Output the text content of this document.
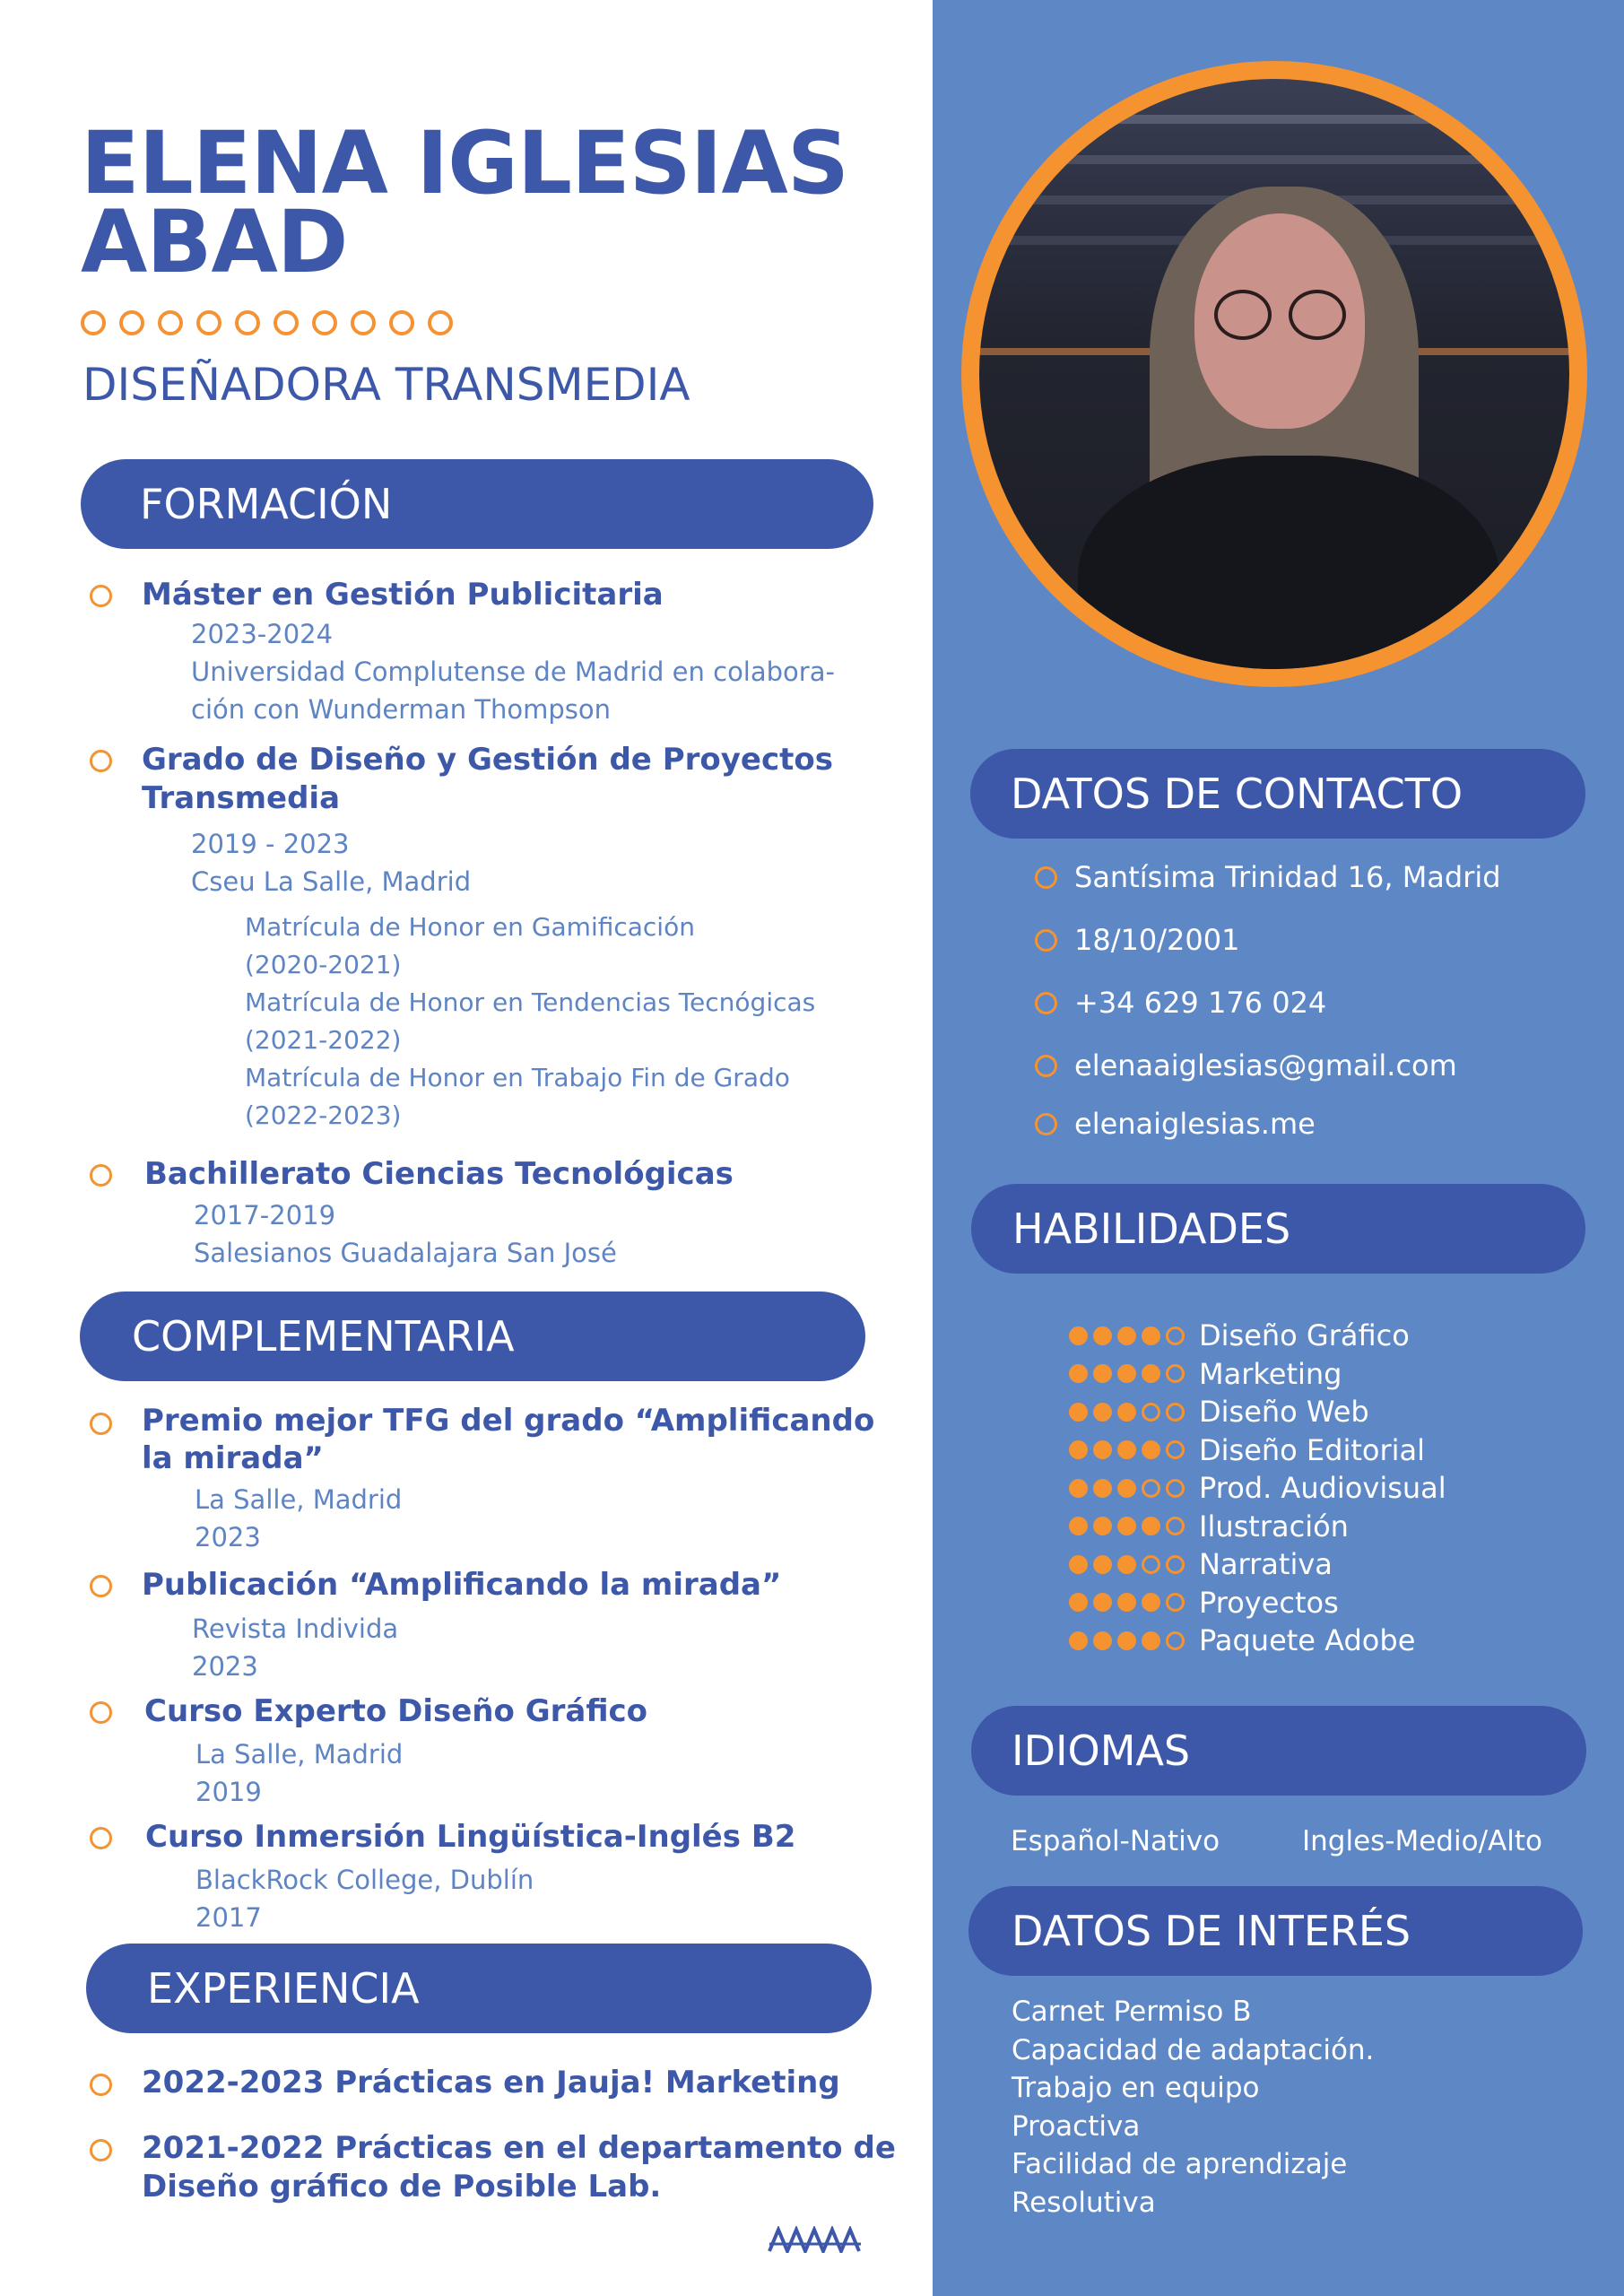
ELENA IGLESIAS
ABAD
DISEÑADORA TRANSMEDIA
FORMACIÓN
Máster en Gestión Publicitaria
2023-2024
Universidad Complutense de Madrid en colabora-
ción con Wunderman Thompson
Grado de Diseño y Gestión de Proyectos
Transmedia
2019 - 2023
Cseu La Salle, Madrid
Matrícula de Honor en Gamificación
(2020-2021)
Matrícula de Honor en Tendencias Tecnógicas
(2021-2022)
Matrícula de Honor en Trabajo Fin de Grado
(2022-2023)
Bachillerato Ciencias Tecnológicas
2017-2019
Salesianos Guadalajara San José
COMPLEMENTARIA
Premio mejor TFG del grado “Amplificando
la mirada”
La Salle, Madrid
2023
Publicación “Amplificando la mirada”
Revista Individa
2023
Curso Experto Diseño Gráfico
La Salle, Madrid
2019
Curso Inmersión Lingüística-Inglés B2
BlackRock College, Dublín
2017
EXPERIENCIA
2022-2023 Prácticas en Jauja! Marketing
2021-2022 Prácticas en el departamento de
Diseño gráfico de Posible Lab.
DATOS DE CONTACTO
Santísima Trinidad 16, Madrid
18/10/2001
+34 629 176 024
elenaaiglesias@gmail.com
elenaiglesias.me
HABILIDADES
Diseño Gráfico
Marketing
Diseño Web
Diseño Editorial
Prod. Audiovisual
Ilustración
Narrativa
Proyectos
Paquete Adobe
IDIOMAS
Español-Nativo	Ingles-Medio/Alto
DATOS DE INTERÉS
Carnet Permiso B
Capacidad de adaptación.
Trabajo en equipo
Proactiva
Facilidad de aprendizaje
Resolutiva
